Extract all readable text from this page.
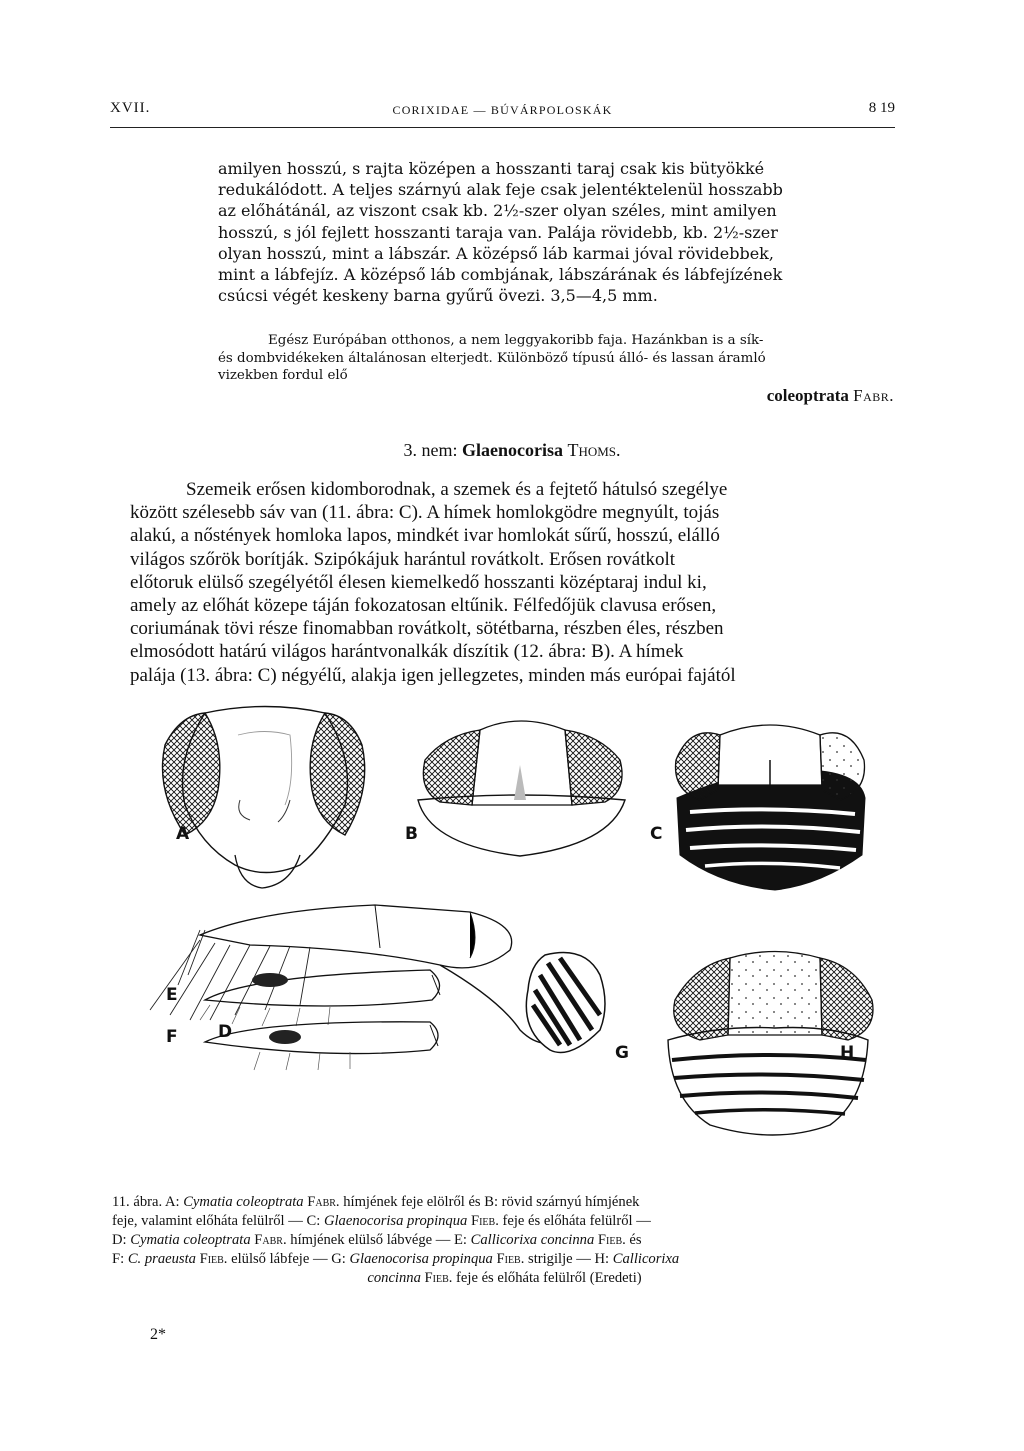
XVII.	CORIXIDAE — BÚVÁRPOLOSKÁK	8 19
amilyen hosszú, s rajta középen a hosszanti taraj csak kis bütyökké
redukálódott. A teljes szárnyú alak feje csak jelentéktelenül hosszabb
az előhátánál, az viszont csak kb. 2½-szer olyan széles, mint amilyen
hosszú, s jól fejlett hosszanti taraja van. Palája rövidebb, kb. 2½-szer
olyan hosszú, mint a lábszár. A középső láb karmai jóval rövidebbek,
mint a lábfejíz. A középső láb combjának, lábszárának és lábfejízének
csúcsi végét keskeny barna gyűrű övezi. 3,5—4,5 mm.
Egész Európában otthonos, a nem leggyakoribb faja. Hazánkban is a sík-
és dombvidékeken általánosan elterjedt. Különböző típusú álló- és lassan áramló
vizekben fordul elő
coleoptrata Fabr.
3. nem: Glaenocorisa Thoms.
Szemeik erősen kidomborodnak, a szemek és a fejtető hátulsó szegélye
között szélesebb sáv van (11. ábra: C). A hímek homlokgödre megnyúlt, tojás
alakú, a nőstények homloka lapos, mindkét ivar homlokát sűrű, hosszú, elálló
világos szőrök borítják. Szipókájuk harántul rovátkolt. Erősen rovátkolt
előtoruk elülső szegélyétől élesen kiemelkedő hosszanti középtaraj indul ki,
amely az előhát közepe táján fokozatosan eltűnik. Félfedőjük clavusa erősen,
coriumának tövi része finomabban rovátkolt, sötétbarna, részben éles, részben
elmosódott határú világos harántvonalkák díszítik (12. ábra: B). A hímek
palája (13. ábra: C) négyélű, alakja igen jellegzetes, minden más európai fajától
A	B	C
D
E
F
G	H
11. ábra. A: Cymatia coleoptrata Fabr. hímjének feje elölről és B: rövid szárnyú hímjének
feje, valamint előháta felülről — C: Glaenocorisa propinqua Fieb. feje és előháta felülről —
D: Cymatia coleoptrata Fabr. hímjének elülső lábvége — E: Callicorixa concinna Fieb. és
F: C. praeusta Fieb. elülső lábfeje — G: Glaenocorisa propinqua Fieb. strigilje — H: Callicorixa
concinna Fieb. feje és előháta felülről (Eredeti)
2*
